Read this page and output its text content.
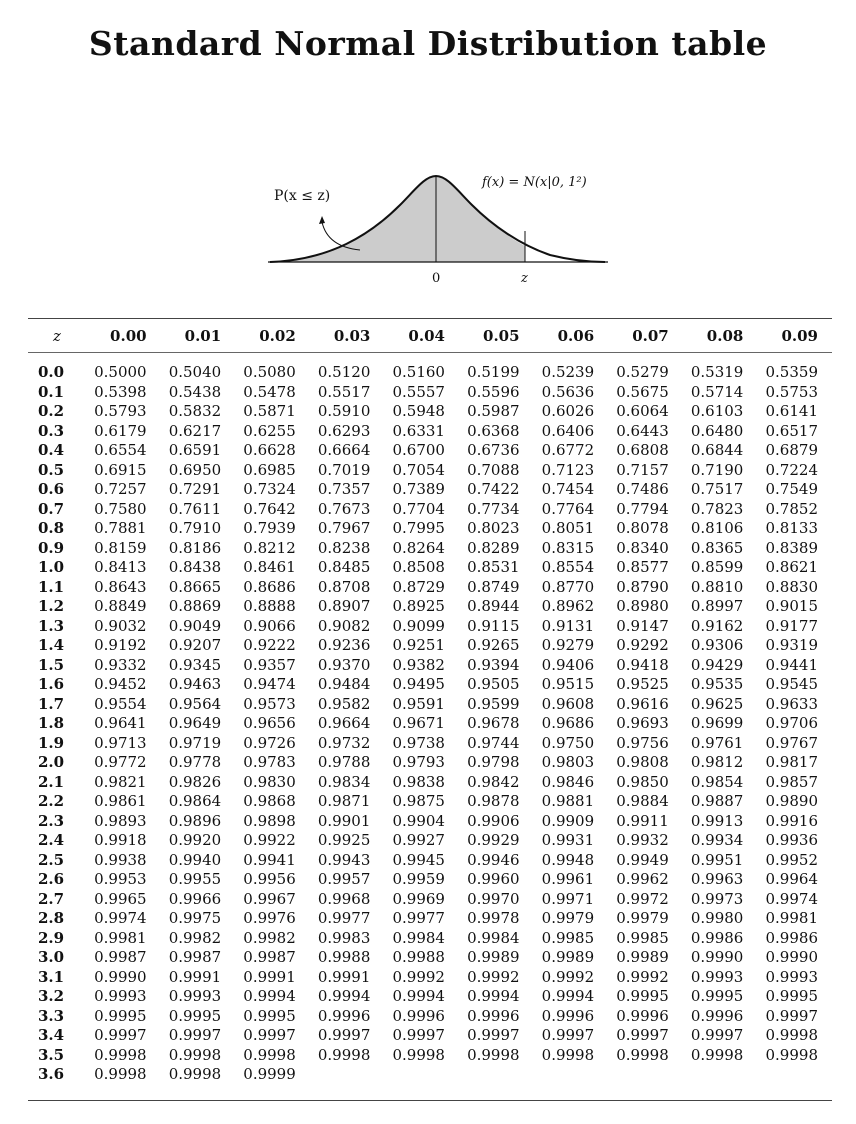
Standard Normal Distribution table
P(x ≤ z)
f(x) = N(x|0, 1²)
0	z
z	0.00	0.01	0.02	0.03	0.04	0.05	0.06	0.07	0.08	0.09
0.0	0.5000	0.5040	0.5080	0.5120	0.5160	0.5199	0.5239	0.5279	0.5319	0.5359
0.1	0.5398	0.5438	0.5478	0.5517	0.5557	0.5596	0.5636	0.5675	0.5714	0.5753
0.2	0.5793	0.5832	0.5871	0.5910	0.5948	0.5987	0.6026	0.6064	0.6103	0.6141
0.3	0.6179	0.6217	0.6255	0.6293	0.6331	0.6368	0.6406	0.6443	0.6480	0.6517
0.4	0.6554	0.6591	0.6628	0.6664	0.6700	0.6736	0.6772	0.6808	0.6844	0.6879
0.5	0.6915	0.6950	0.6985	0.7019	0.7054	0.7088	0.7123	0.7157	0.7190	0.7224
0.6	0.7257	0.7291	0.7324	0.7357	0.7389	0.7422	0.7454	0.7486	0.7517	0.7549
0.7	0.7580	0.7611	0.7642	0.7673	0.7704	0.7734	0.7764	0.7794	0.7823	0.7852
0.8	0.7881	0.7910	0.7939	0.7967	0.7995	0.8023	0.8051	0.8078	0.8106	0.8133
0.9	0.8159	0.8186	0.8212	0.8238	0.8264	0.8289	0.8315	0.8340	0.8365	0.8389
1.0	0.8413	0.8438	0.8461	0.8485	0.8508	0.8531	0.8554	0.8577	0.8599	0.8621
1.1	0.8643	0.8665	0.8686	0.8708	0.8729	0.8749	0.8770	0.8790	0.8810	0.8830
1.2	0.8849	0.8869	0.8888	0.8907	0.8925	0.8944	0.8962	0.8980	0.8997	0.9015
1.3	0.9032	0.9049	0.9066	0.9082	0.9099	0.9115	0.9131	0.9147	0.9162	0.9177
1.4	0.9192	0.9207	0.9222	0.9236	0.9251	0.9265	0.9279	0.9292	0.9306	0.9319
1.5	0.9332	0.9345	0.9357	0.9370	0.9382	0.9394	0.9406	0.9418	0.9429	0.9441
1.6	0.9452	0.9463	0.9474	0.9484	0.9495	0.9505	0.9515	0.9525	0.9535	0.9545
1.7	0.9554	0.9564	0.9573	0.9582	0.9591	0.9599	0.9608	0.9616	0.9625	0.9633
1.8	0.9641	0.9649	0.9656	0.9664	0.9671	0.9678	0.9686	0.9693	0.9699	0.9706
1.9	0.9713	0.9719	0.9726	0.9732	0.9738	0.9744	0.9750	0.9756	0.9761	0.9767
2.0	0.9772	0.9778	0.9783	0.9788	0.9793	0.9798	0.9803	0.9808	0.9812	0.9817
2.1	0.9821	0.9826	0.9830	0.9834	0.9838	0.9842	0.9846	0.9850	0.9854	0.9857
2.2	0.9861	0.9864	0.9868	0.9871	0.9875	0.9878	0.9881	0.9884	0.9887	0.9890
2.3	0.9893	0.9896	0.9898	0.9901	0.9904	0.9906	0.9909	0.9911	0.9913	0.9916
2.4	0.9918	0.9920	0.9922	0.9925	0.9927	0.9929	0.9931	0.9932	0.9934	0.9936
2.5	0.9938	0.9940	0.9941	0.9943	0.9945	0.9946	0.9948	0.9949	0.9951	0.9952
2.6	0.9953	0.9955	0.9956	0.9957	0.9959	0.9960	0.9961	0.9962	0.9963	0.9964
2.7	0.9965	0.9966	0.9967	0.9968	0.9969	0.9970	0.9971	0.9972	0.9973	0.9974
2.8	0.9974	0.9975	0.9976	0.9977	0.9977	0.9978	0.9979	0.9979	0.9980	0.9981
2.9	0.9981	0.9982	0.9982	0.9983	0.9984	0.9984	0.9985	0.9985	0.9986	0.9986
3.0	0.9987	0.9987	0.9987	0.9988	0.9988	0.9989	0.9989	0.9989	0.9990	0.9990
3.1	0.9990	0.9991	0.9991	0.9991	0.9992	0.9992	0.9992	0.9992	0.9993	0.9993
3.2	0.9993	0.9993	0.9994	0.9994	0.9994	0.9994	0.9994	0.9995	0.9995	0.9995
3.3	0.9995	0.9995	0.9995	0.9996	0.9996	0.9996	0.9996	0.9996	0.9996	0.9997
3.4	0.9997	0.9997	0.9997	0.9997	0.9997	0.9997	0.9997	0.9997	0.9997	0.9998
3.5	0.9998	0.9998	0.9998	0.9998	0.9998	0.9998	0.9998	0.9998	0.9998	0.9998
3.6	0.9998	0.9998	0.9999							
